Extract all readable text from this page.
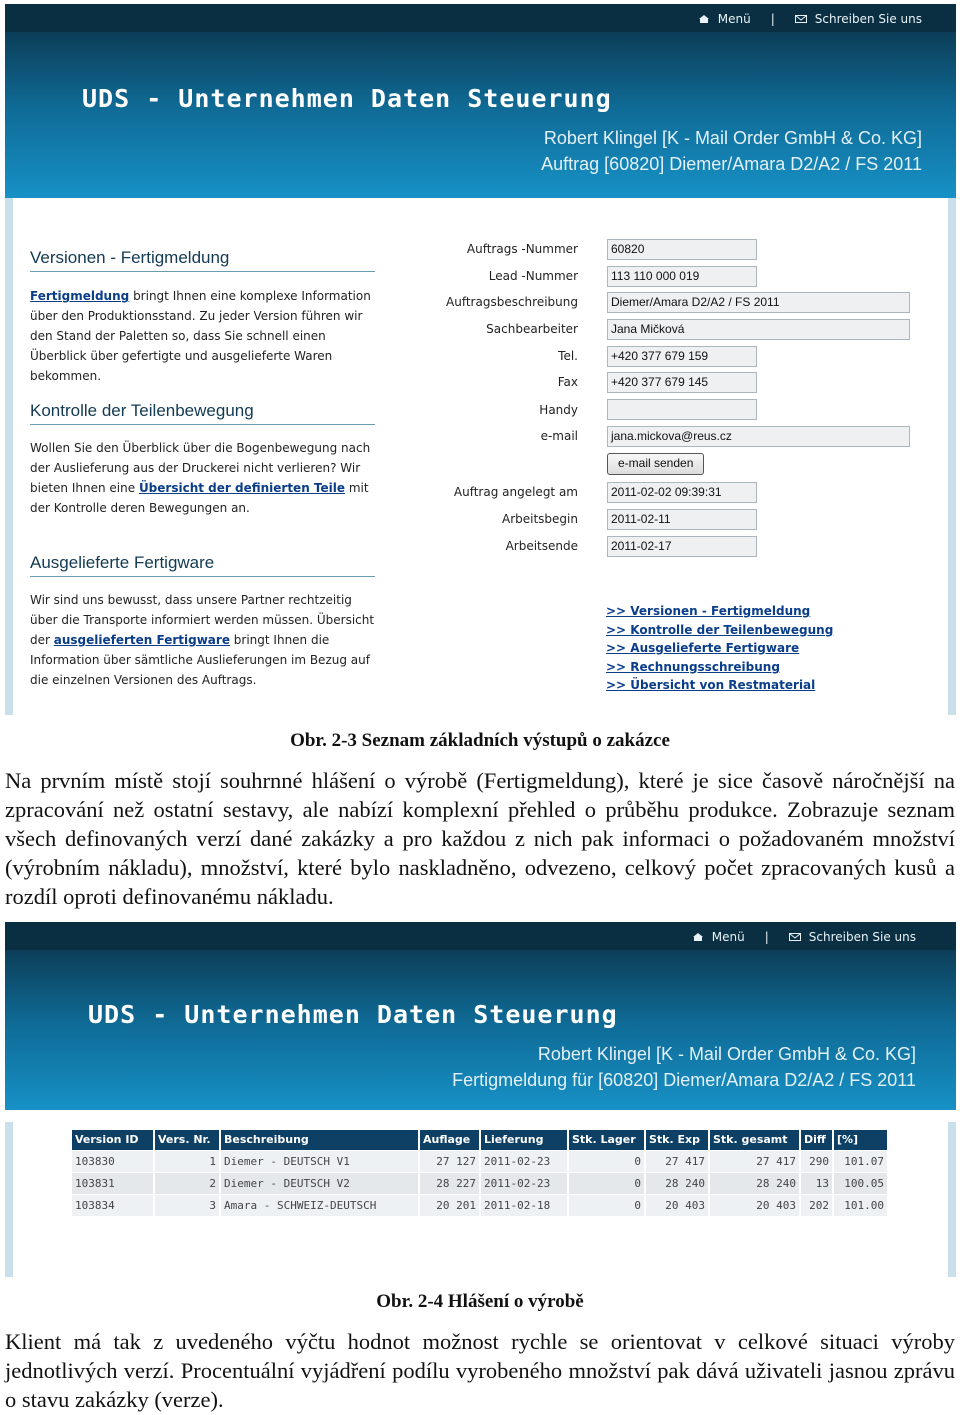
Menü |	Schreiben Sie uns
UDS - Unternehmen Daten Steuerung
Robert Klingel [K - Mail Order GmbH & Co. KG]
Auftrag [60820] Diemer/Amara D2/A2 / FS 2011
Versionen - Fertigmeldung
Fertigmeldung bringt Ihnen eine komplexe Information über den Produktionsstand. Zu jeder Version führen wir den Stand der Paletten so, dass Sie schnell einen Überblick über gefertigte und ausgelieferte Waren bekommen.
Kontrolle der Teilenbewegung
Wollen Sie den Überblick über die Bogenbewegung nach der Auslieferung aus der Druckerei nicht verlieren? Wir bieten Ihnen eine Übersicht der definierten Teile mit der Kontrolle deren Bewegungen an.
Ausgelieferte Fertigware
Wir sind uns bewusst, dass unsere Partner rechtzeitig über die Transporte informiert werden müssen. Übersicht der ausgelieferten Fertigware bringt Ihnen die Information über sämtliche Auslieferungen im Bezug auf die einzelnen Versionen des Auftrags.
Auftrags -Nummer	60820
Lead -Nummer	113 110 000 019
Auftragsbeschreibung	Diemer/Amara D2/A2 / FS 2011
Sachbearbeiter	Jana Mičková
Tel.	+420 377 679 159
Fax	+420 377 679 145
Handy
e-mail	jana.mickova@reus.cz
e-mail senden
Auftrag angelegt am	2011-02-02 09:39:31
Arbeitsbegin	2011-02-11
Arbeitsende	2011-02-17
>> Versionen - Fertigmeldung
>> Kontrolle der Teilenbewegung
>> Ausgelieferte Fertigware
>> Rechnungsschreibung
>> Übersicht von Restmaterial
Obr. 2-3 Seznam základních výstupů o zakázce
Na prvním místě stojí souhrnné hlášení o výrobě (Fertigmeldung), které je sice časově náročnější na zpracování než ostatní sestavy, ale nabízí komplexní přehled o průběhu produkce. Zobrazuje seznam všech definovaných verzí dané zakázky a pro každou z nich pak informaci o požadovaném množství (výrobním nákladu), množství, které bylo naskladněno, odvezeno, celkový počet zpracovaných kusů a rozdíl oproti definovanému nákladu.
Menü |	Schreiben Sie uns
UDS - Unternehmen Daten Steuerung
Robert Klingel [K - Mail Order GmbH & Co. KG]
Fertigmeldung für [60820] Diemer/Amara D2/A2 / FS 2011
Version ID	Vers. Nr.	Beschreibung	Auflage	Lieferung	Stk. Lager	Stk. Exp	Stk. gesamt	Diff	[%]
103830	1	Diemer - DEUTSCH V1	27 127	2011-02-23	0	27 417	27 417	290	101.07
103831	2	Diemer - DEUTSCH V2	28 227	2011-02-23	0	28 240	28 240	13	100.05
103834	3	Amara - SCHWEIZ-DEUTSCH	20 201	2011-02-18	0	20 403	20 403	202	101.00
Obr. 2-4 Hlášení o výrobě
Klient má tak z uvedeného výčtu hodnot možnost rychle se orientovat v celkové situaci výroby jednotlivých verzí. Procentuální vyjádření podílu vyrobeného množství pak dává uživateli jasnou zprávu o stavu zakázky (verze).
